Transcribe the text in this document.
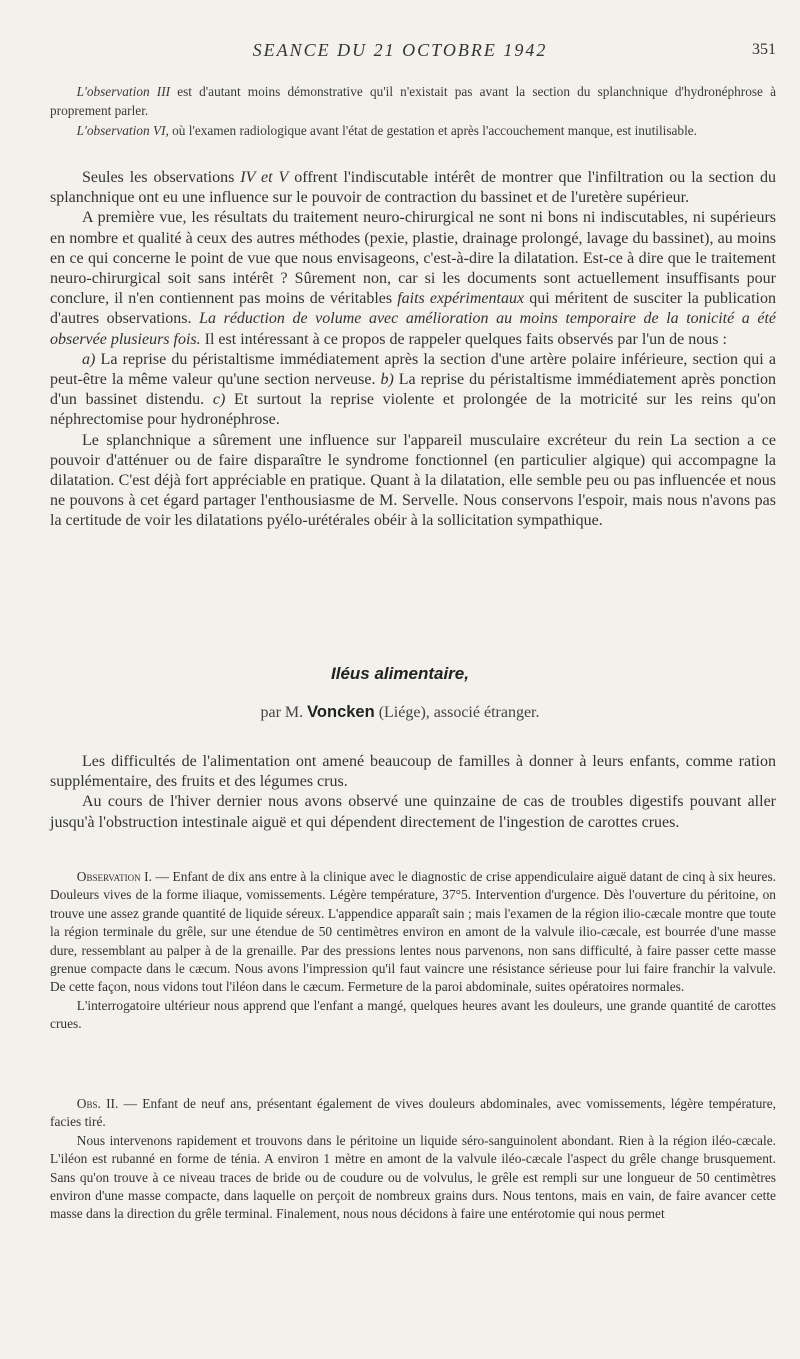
SEANCE DU 21 OCTOBRE 1942	351

L'observation III est d'autant moins démonstrative qu'il n'existait pas avant la section du splanchnique d'hydronéphrose à proprement parler.

L'observation VI, où l'examen radiologique avant l'état de gestation et après l'accouchement manque, est inutilisable.

Seules les observations IV et V offrent l'indiscutable intérêt de montrer que l'infiltration ou la section du splanchnique ont eu une influence sur le pouvoir de contraction du bassinet et de l'uretère supérieur.

A première vue, les résultats du traitement neuro-chirurgical ne sont ni bons ni indiscutables, ni supérieurs en nombre et qualité à ceux des autres méthodes (pexie, plastie, drainage prolongé, lavage du bassinet), au moins en ce qui concerne le point de vue que nous envisageons, c'est-à-dire la dilatation. Est-ce à dire que le traitement neuro-chirurgical soit sans intérêt ? Sûrement non, car si les documents sont actuellement insuffisants pour conclure, il n'en contiennent pas moins de véritables faits expérimentaux qui méritent de susciter la publication d'autres observations. La réduction de volume avec amélioration au moins temporaire de la tonicité a été observée plusieurs fois. Il est intéressant à ce propos de rappeler quelques faits observés par l'un de nous :

a) La reprise du péristaltisme immédiatement après la section d'une artère polaire inférieure, section qui a peut-être la même valeur qu'une section nerveuse. b) La reprise du péristaltisme immédiatement après ponction d'un bassinet distendu. c) Et surtout la reprise violente et prolongée de la motricité sur les reins qu'on néphrectomise pour hydronéphrose.

Le splanchnique a sûrement une influence sur l'appareil musculaire excréteur du rein La section a ce pouvoir d'atténuer ou de faire disparaître le syndrome fonctionnel (en particulier algique) qui accompagne la dilatation. C'est déjà fort appréciable en pratique. Quant à la dilatation, elle semble peu ou pas influencée et nous ne pouvons à cet égard partager l'enthousiasme de M. Servelle. Nous conservons l'espoir, mais nous n'avons pas la certitude de voir les dilatations pyélo-urétérales obéir à la sollicitation sympathique.

Iléus alimentaire,
par M. Voncken (Liége), associé étranger.

Les difficultés de l'alimentation ont amené beaucoup de familles à donner à leurs enfants, comme ration supplémentaire, des fruits et des légumes crus.

Au cours de l'hiver dernier nous avons observé une quinzaine de cas de troubles digestifs pouvant aller jusqu'à l'obstruction intestinale aiguë et qui dépendent directement de l'ingestion de carottes crues.

Observation I. — Enfant de dix ans entre à la clinique avec le diagnostic de crise appendiculaire aiguë datant de cinq à six heures. Douleurs vives de la forme iliaque, vomissements. Légère température, 37°5. Intervention d'urgence. Dès l'ouverture du péritoine, on trouve une assez grande quantité de liquide séreux. L'appendice apparaît sain ; mais l'examen de la région ilio-cæcale montre que toute la région terminale du grêle, sur une étendue de 50 centimètres environ en amont de la valvule ilio-cæcale, est bourrée d'une masse dure, ressemblant au palper à de la grenaille. Par des pressions lentes nous parvenons, non sans difficulté, à faire passer cette masse grenue compacte dans le cæcum. Nous avons l'impression qu'il faut vaincre une résistance sérieuse pour lui faire franchir la valvule. De cette façon, nous vidons tout l'iléon dans le cæcum. Fermeture de la paroi abdominale, suites opératoires normales.

L'interrogatoire ultérieur nous apprend que l'enfant a mangé, quelques heures avant les douleurs, une grande quantité de carottes crues.

Obs. II. — Enfant de neuf ans, présentant également de vives douleurs abdominales, avec vomissements, légère température, facies tiré.

Nous intervenons rapidement et trouvons dans le péritoine un liquide séro-sanguinolent abondant. Rien à la région iléo-cæcale. L'iléon est rubanné en forme de ténia. A environ 1 mètre en amont de la valvule iléo-cæcale l'aspect du grêle change brusquement. Sans qu'on trouve à ce niveau traces de bride ou de coudure ou de volvulus, le grêle est rempli sur une longueur de 50 centimètres environ d'une masse compacte, dans laquelle on perçoit de nombreux grains durs. Nous tentons, mais en vain, de faire avancer cette masse dans la direction du grêle terminal. Finalement, nous nous décidons à faire une entérotomie qui nous permet
